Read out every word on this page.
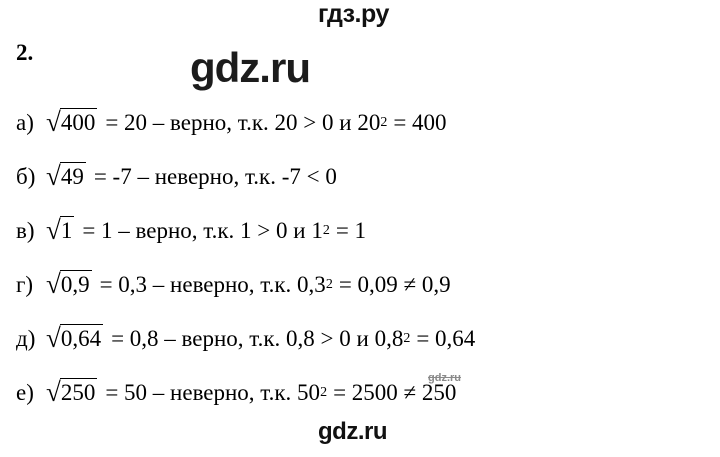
гдз.ру
gdz.ru
2.
а) √ 400 = 20 – верно, т.к. 20 > 0 и 20 2 = 400
б) √ 49 = -7 – неверно, т.к. -7 < 0
в) √ 1 = 1 – верно, т.к. 1 > 0 и 1 2 = 1
г) √ 0,9 = 0,3 – неверно, т.к. 0,3 2 = 0,09 ≠ 0,9
д) √ 0,64 = 0,8 – верно, т.к. 0,8 > 0 и 0,8 2 = 0,64
е) √ 250 = 50 – неверно, т.к. 50 2 = 2500 ≠ 250
gdz.ru
gdz.ru
